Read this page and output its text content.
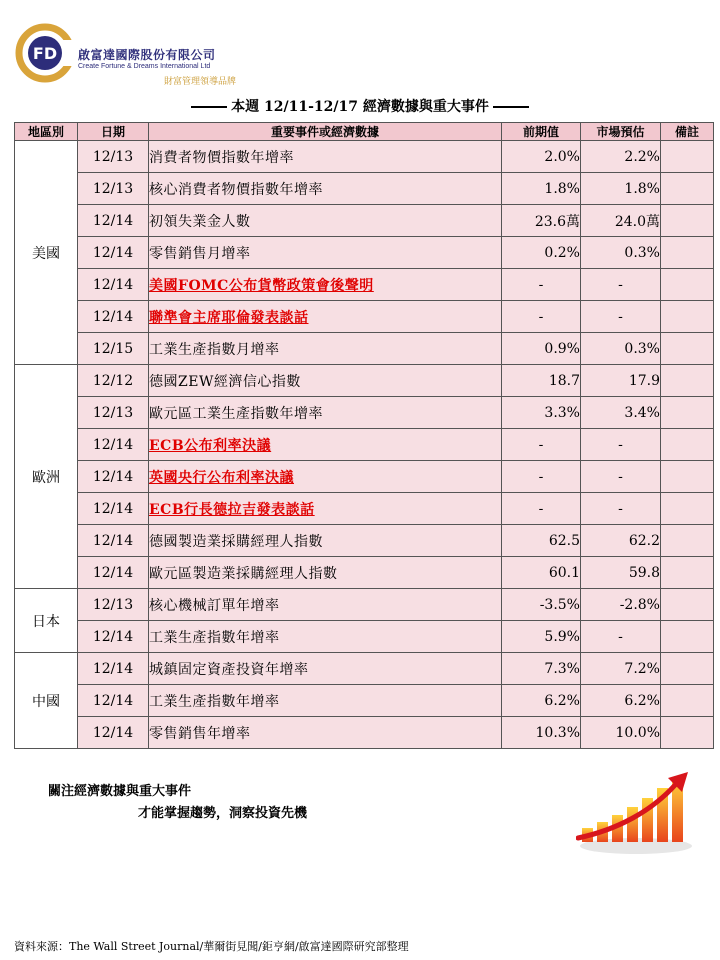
FD 啟富達國際股份有限公司
Create Fortune & Dreams International Ltd
財富管理領導品牌
本週 12/11-12/17 經濟數據與重大事件
地區別	日期	重要事件或經濟數據	前期值	市場預估	備註
美國	12/13	消費者物價指數年增率	2.0%	2.2%	
	12/13	核心消費者物價指數年增率	1.8%	1.8%	
	12/14	初領失業金人數	23.6萬	24.0萬	
	12/14	零售銷售月增率	0.2%	0.3%	
	12/14	美國FOMC公布貨幣政策會後聲明	-	-	
	12/14	聯準會主席耶倫發表談話	-	-	
	12/15	工業生產指數月增率	0.9%	0.3%	
歐洲	12/12	德國ZEW經濟信心指數	18.7	17.9	
	12/13	歐元區工業生產指數年增率	3.3%	3.4%	
	12/14	ECB公布利率決議	-	-	
	12/14	英國央行公布利率決議	-	-	
	12/14	ECB行長德拉吉發表談話	-	-	
	12/14	德國製造業採購經理人指數	62.5	62.2	
	12/14	歐元區製造業採購經理人指數	60.1	59.8	
日本	12/13	核心機械訂單年增率	-3.5%	-2.8%	
	12/14	工業生產指數年增率	5.9%	-	
中國	12/14	城鎮固定資產投資年增率	7.3%	7.2%	
	12/14	工業生產指數年增率	6.2%	6.2%	
	12/14	零售銷售年增率	10.3%	10.0%	
關注經濟數據與重大事件
才能掌握趨勢，洞察投資先機
資料來源：The Wall Street Journal/華爾街見聞/鉅亨網/啟富達國際研究部整理
